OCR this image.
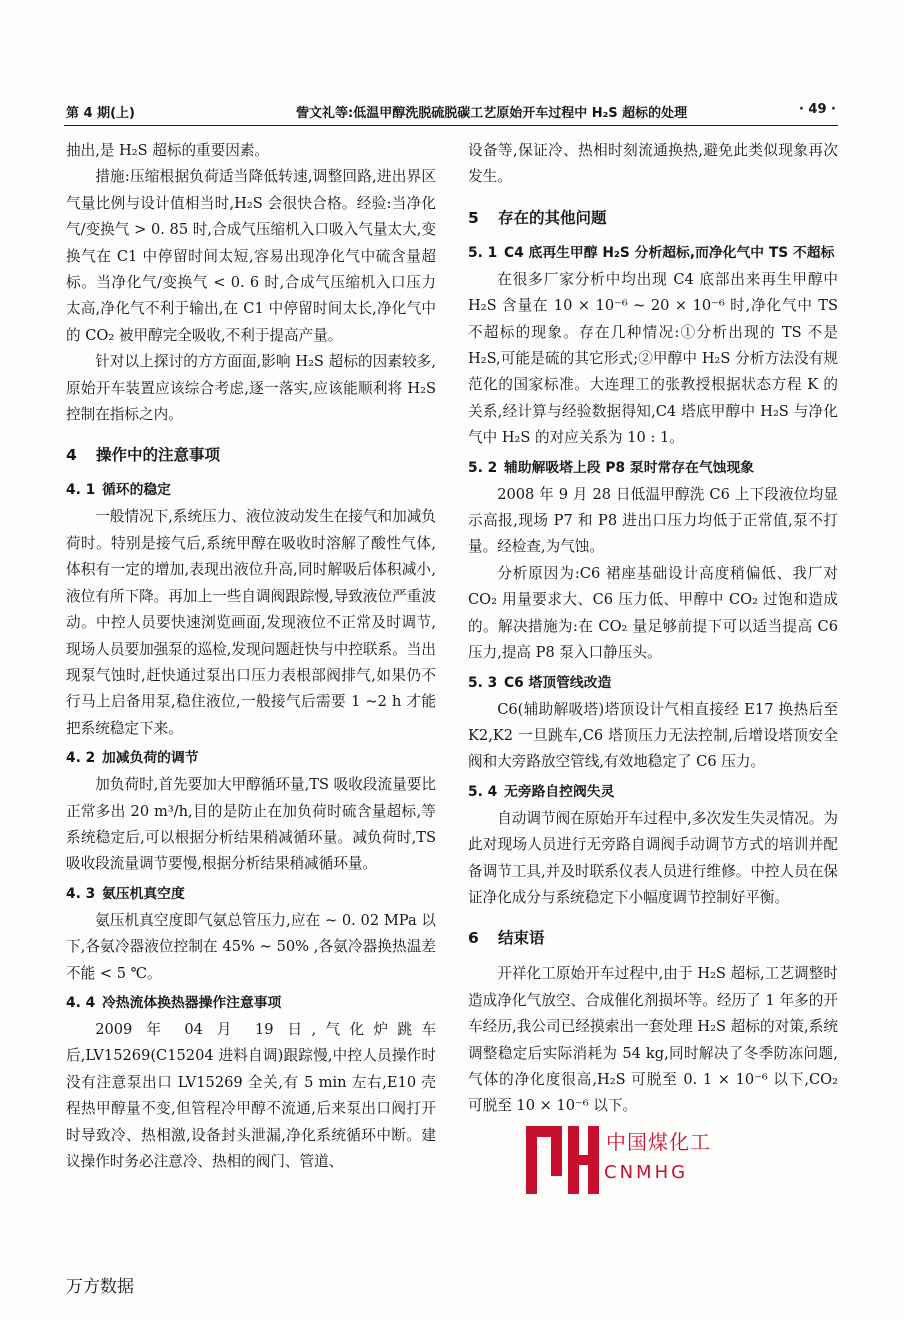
第 4 期(上)	訾文礼等:低温甲醇洗脱硫脱碳工艺原始开车过程中 H₂S 超标的处理	· 49 ·

抽出,是 H₂S 超标的重要因素。

措施:压缩根据负荷适当降低转速,调整回路,进出界区气量比例与设计值相当时,H₂S 会很快合格。经验:当净化气/变换气 > 0. 85 时,合成气压缩机入口吸入气量太大,变换气在 C1 中停留时间太短,容易出现净化气中硫含量超标。当净化气/变换气 < 0. 6 时,合成气压缩机入口压力太高,净化气不利于输出,在 C1 中停留时间太长,净化气中的 CO₂ 被甲醇完全吸收,不利于提高产量。

针对以上探讨的方方面面,影响 H₂S 超标的因素较多,原始开车装置应该综合考虑,逐一落实,应该能顺利将 H₂S 控制在指标之内。

4 操作中的注意事项
4. 1 循环的稳定

一般情况下,系统压力、液位波动发生在接气和加减负荷时。特别是接气后,系统甲醇在吸收时溶解了酸性气体,体积有一定的增加,表现出液位升高,同时解吸后体积减小,液位有所下降。再加上一些自调阀跟踪慢,导致液位严重波动。中控人员要快速浏览画面,发现液位不正常及时调节,现场人员要加强泵的巡检,发现问题赶快与中控联系。当出现泵气蚀时,赶快通过泵出口压力表根部阀排气,如果仍不行马上启备用泵,稳住液位,一般接气后需要 1 ~2 h 才能把系统稳定下来。

4. 2 加减负荷的调节

加负荷时,首先要加大甲醇循环量,TS 吸收段流量要比正常多出 20 m³/h,目的是防止在加负荷时硫含量超标,等系统稳定后,可以根据分析结果稍减循环量。减负荷时,TS 吸收段流量调节要慢,根据分析结果稍减循环量。

4. 3 氨压机真空度

氨压机真空度即气氨总管压力,应在 ~ 0. 02 MPa 以下,各氨冷器液位控制在 45% ~ 50% ,各氨冷器换热温差不能 < 5 ℃。

4. 4 冷热流体换热器操作注意事项

2009 年 04 月 19 日,气化炉跳车后,LV15269(C15204 进料自调)跟踪慢,中控人员操作时没有注意泵出口 LV15269 全关,有 5 min 左右,E10 壳程热甲醇量不变,但管程冷甲醇不流通,后来泵出口阀打开时导致冷、热相激,设备封头泄漏,净化系统循环中断。建议操作时务必注意冷、热相的阀门、管道、

设备等,保证冷、热相时刻流通换热,避免此类似现象再次发生。

5 存在的其他问题
5. 1 C4 底再生甲醇 H₂S 分析超标,而净化气中 TS 不超标

在很多厂家分析中均出现 C4 底部出来再生甲醇中 H₂S 含量在 10 × 10⁻⁶ ~ 20 × 10⁻⁶ 时,净化气中 TS 不超标的现象。存在几种情况:①分析出现的 TS 不是 H₂S,可能是硫的其它形式;②甲醇中 H₂S 分析方法没有规范化的国家标准。大连理工的张教授根据状态方程 K 的关系,经计算与经验数据得知,C4 塔底甲醇中 H₂S 与净化气中 H₂S 的对应关系为 10 : 1。

5. 2 辅助解吸塔上段 P8 泵时常存在气蚀现象

2008 年 9 月 28 日低温甲醇洗 C6 上下段液位均显示高报,现场 P7 和 P8 进出口压力均低于正常值,泵不打量。经检查,为气蚀。

分析原因为:C6 裙座基础设计高度稍偏低、我厂对 CO₂ 用量要求大、C6 压力低、甲醇中 CO₂ 过饱和造成的。解决措施为:在 CO₂ 量足够前提下可以适当提高 C6 压力,提高 P8 泵入口静压头。

5. 3 C6 塔顶管线改造

C6(辅助解吸塔)塔顶设计气相直接经 E17 换热后至 K2,K2 一旦跳车,C6 塔顶压力无法控制,后增设塔顶安全阀和大旁路放空管线,有效地稳定了 C6 压力。

5. 4 无旁路自控阀失灵

自动调节阀在原始开车过程中,多次发生失灵情况。为此对现场人员进行无旁路自调阀手动调节方式的培训并配备调节工具,并及时联系仪表人员进行维修。中控人员在保证净化成分与系统稳定下小幅度调节控制好平衡。

6 结束语

开祥化工原始开车过程中,由于 H₂S 超标,工艺调整时造成净化气放空、合成催化剂损坏等。经历了 1 年多的开车经历,我公司已经摸索出一套处理 H₂S 超标的对策,系统调整稳定后实际消耗为 54 kg,同时解决了冬季防冻问题,气体的净化度很高,H₂S 可脱至 0. 1 × 10⁻⁶ 以下,CO₂ 可脱至 10 × 10⁻⁶ 以下。

中国煤化工
CNMHG
万方数据
